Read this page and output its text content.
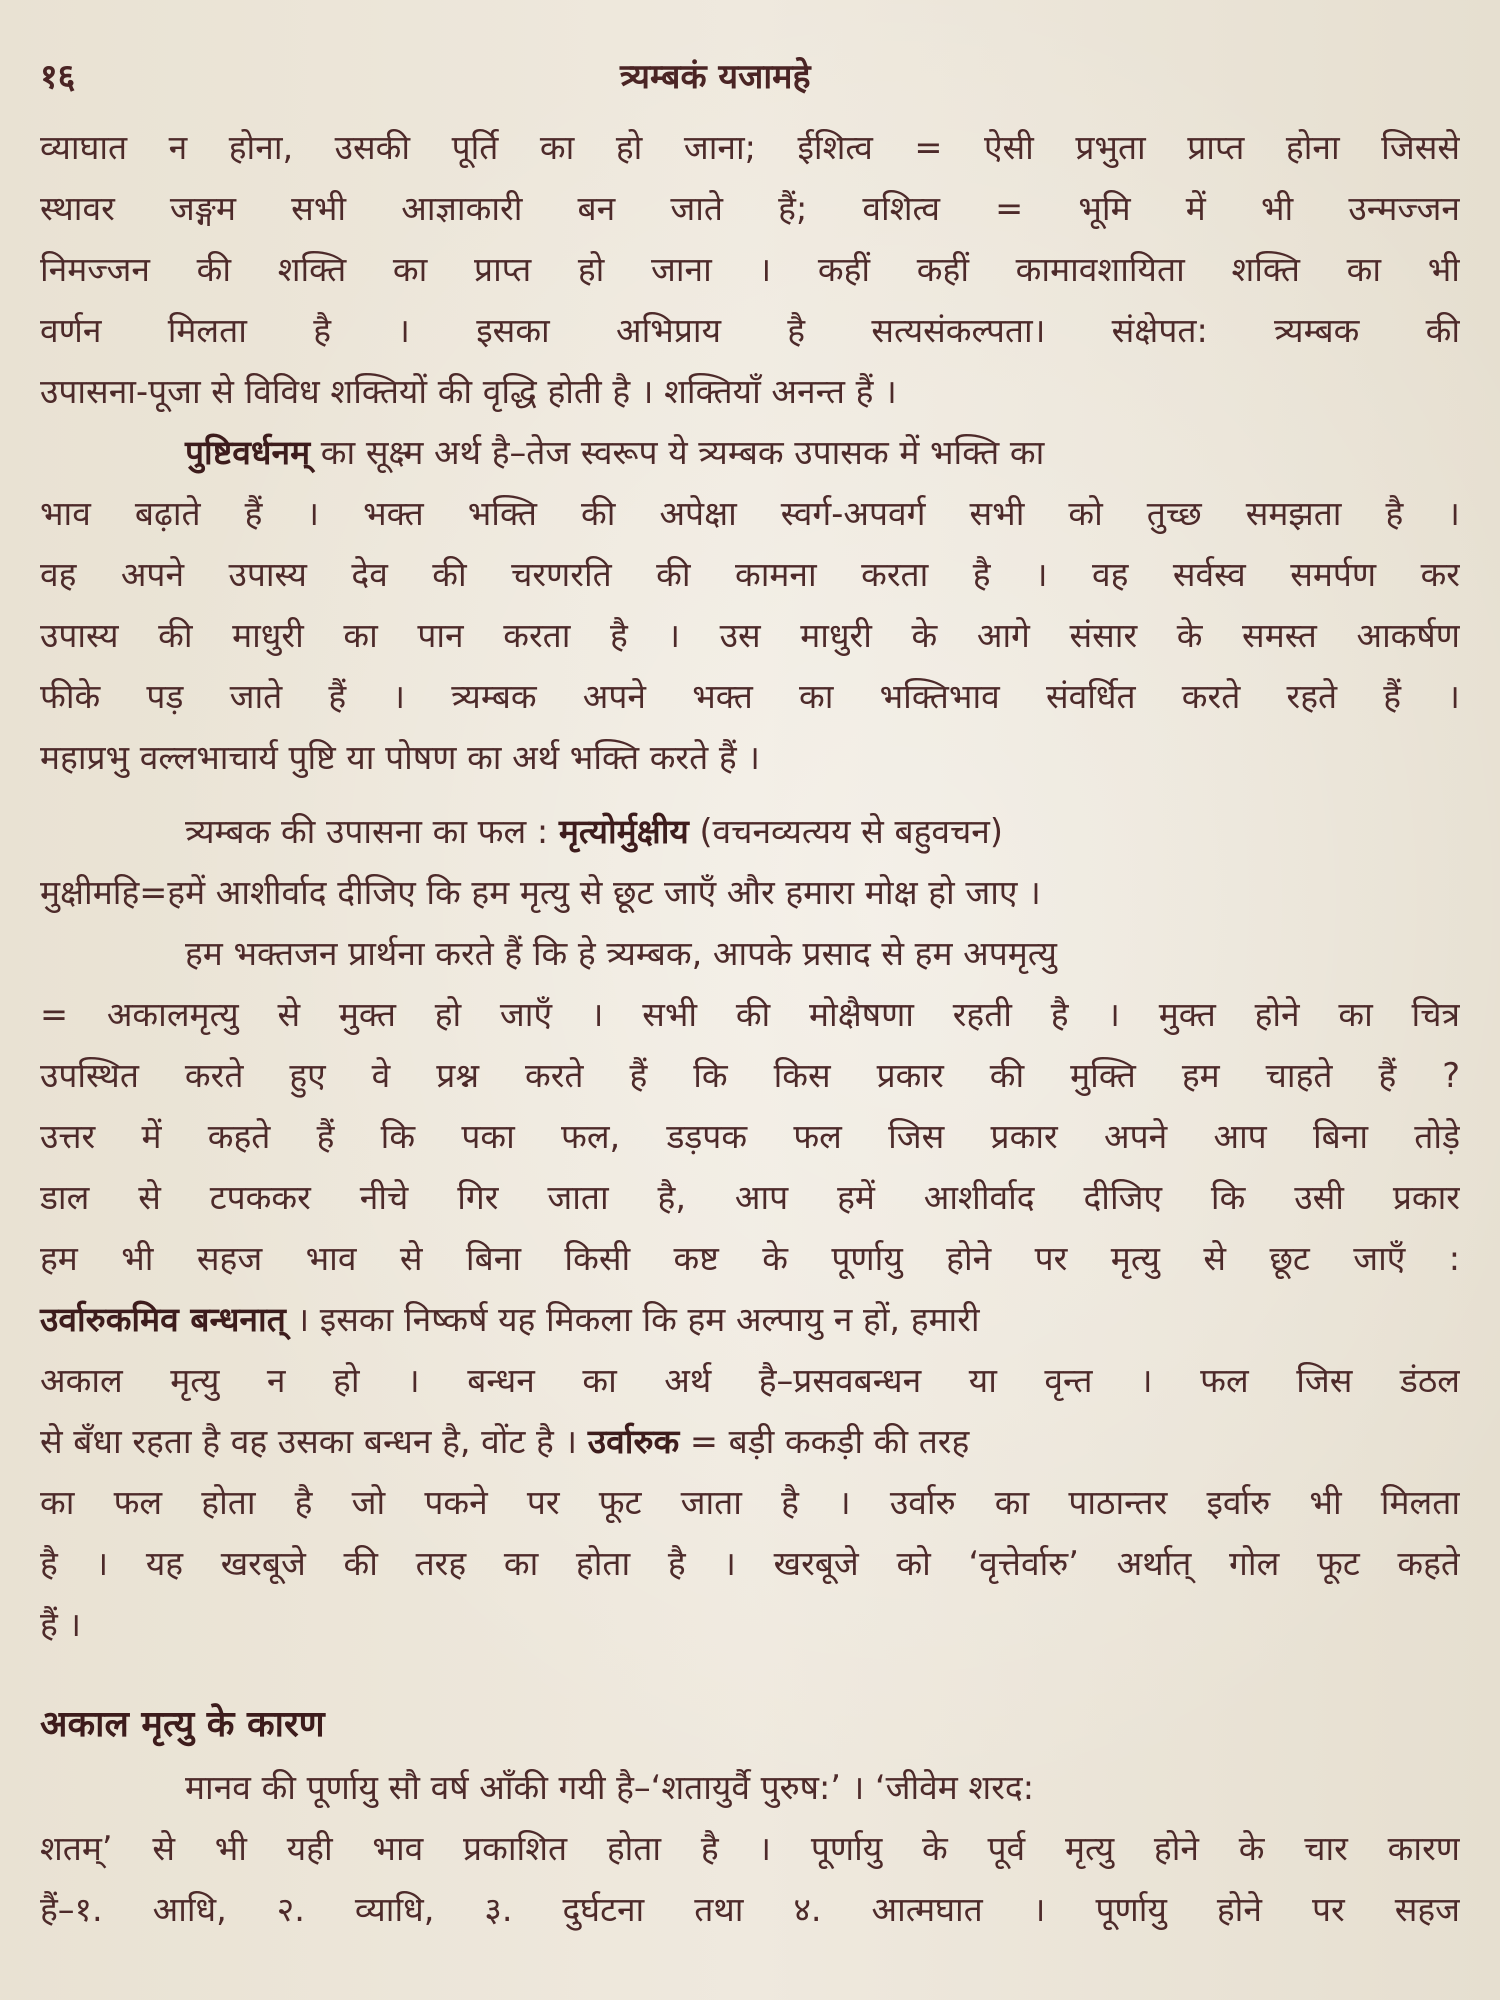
१६	त्र्यम्बकं यजामहे
व्याघात न होना, उसकी पूर्ति का हो जाना; ईशित्व = ऐसी प्रभुता प्राप्त होना जिससे
स्थावर जङ्गम सभी आज्ञाकारी बन जाते हैं; वशित्व = भूमि में भी उन्मज्जन
निमज्जन की शक्ति का प्राप्त हो जाना । कहीं कहीं कामावशायिता शक्ति का भी
वर्णन मिलता है । इसका अभिप्राय है सत्यसंकल्पता। संक्षेपत: त्र्यम्बक की
उपासना-पूजा से विविध शक्तियों की वृद्धि होती है । शक्तियाँ अनन्त हैं ।
पुष्टिवर्धनम् का सूक्ष्म अर्थ है–तेज स्वरूप ये त्र्यम्बक उपासक में भक्ति का
भाव बढ़ाते हैं । भक्त भक्ति की अपेक्षा स्वर्ग-अपवर्ग सभी को तुच्छ समझता है ।
वह अपने उपास्य देव की चरणरति की कामना करता है । वह सर्वस्व समर्पण कर
उपास्य की माधुरी का पान करता है । उस माधुरी के आगे संसार के समस्त आकर्षण
फीके पड़ जाते हैं । त्र्यम्बक अपने भक्त का भक्तिभाव संवर्धित करते रहते हैं ।
महाप्रभु वल्लभाचार्य पुष्टि या पोषण का अर्थ भक्ति करते हैं ।
त्र्यम्बक की उपासना का फल : मृत्योर्मुक्षीय (वचनव्यत्यय से बहुवचन)
मुक्षीमहि=हमें आशीर्वाद दीजिए कि हम मृत्यु से छूट जाएँ और हमारा मोक्ष हो जाए ।
हम भक्तजन प्रार्थना करते हैं कि हे त्र्यम्बक, आपके प्रसाद से हम अपमृत्यु
= अकालमृत्यु से मुक्त हो जाएँ । सभी की मोक्षैषणा रहती है । मुक्त होने का चित्र
उपस्थित करते हुए वे प्रश्न करते हैं कि किस प्रकार की मुक्ति हम चाहते हैं ?
उत्तर में कहते हैं कि पका फल, डड़पक फल जिस प्रकार अपने आप बिना तोड़े
डाल से टपककर नीचे गिर जाता है, आप हमें आशीर्वाद दीजिए कि उसी प्रकार
हम भी सहज भाव से बिना किसी कष्ट के पूर्णायु होने पर मृत्यु से छूट जाएँ :
उर्वारुकमिव बन्धनात् । इसका निष्कर्ष यह मिकला कि हम अल्पायु न हों, हमारी
अकाल मृत्यु न हो । बन्धन का अर्थ है–प्रसवबन्धन या वृन्त । फल जिस डंठल
से बँधा रहता है वह उसका बन्धन है, वोंट है । उर्वारुक = बड़ी ककड़ी की तरह
का फल होता है जो पकने पर फूट जाता है । उर्वारु का पाठान्तर इर्वारु भी मिलता
है । यह खरबूजे की तरह का होता है । खरबूजे को ‘वृत्तेर्वारु’ अर्थात् गोल फूट कहते
हैं ।
अकाल मृत्यु के कारण
मानव की पूर्णायु सौ वर्ष आँकी गयी है–‘शतायुर्वै पुरुष:’ । ‘जीवेम शरद:
शतम्’ से भी यही भाव प्रकाशित होता है । पूर्णायु के पूर्व मृत्यु होने के चार कारण
हैं–१. आधि, २. व्याधि, ३. दुर्घटना तथा ४. आत्मघात । पूर्णायु होने पर सहज
